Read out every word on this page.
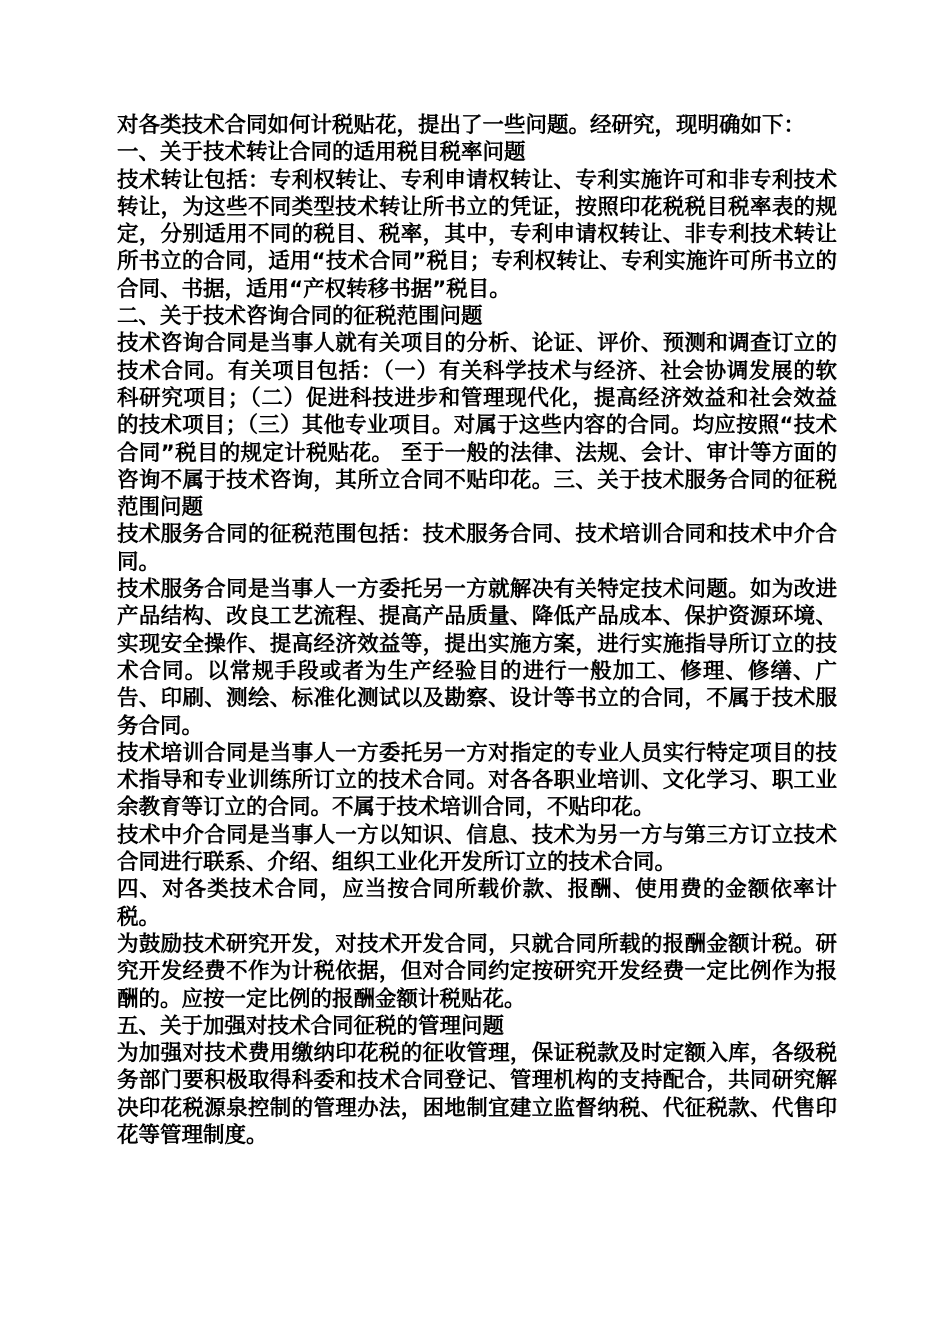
对各类技术合同如何计税贴花，提出了一些问题。经研究，现明确如下：

一、关于技术转让合同的适用税目税率问题

技术转让包括：专利权转让、专利申请权转让、专利实施许可和非专利技术转让，为这些不同类型技术转让所书立的凭证，按照印花税税目税率表的规定，分别适用不同的税目、税率，其中，专利申请权转让、非专利技术转让所书立的合同，适用“技术合同”税目；专利权转让、专利实施许可所书立的合同、书据，适用“产权转移书据”税目。

二、关于技术咨询合同的征税范围问题

技术咨询合同是当事人就有关项目的分析、论证、评价、预测和调查订立的技术合同。有关项目包括：（一）有关科学技术与经济、社会协调发展的软科研究项目；（二）促进科技进步和管理现代化，提高经济效益和社会效益的技术项目；（三）其他专业项目。对属于这些内容的合同。均应按照“技术合同”税目的规定计税贴花。 至于一般的法律、法规、会计、审计等方面的咨询不属于技术咨询，其所立合同不贴印花。三、关于技术服务合同的征税范围问题

技术服务合同的征税范围包括：技术服务合同、技术培训合同和技术中介合同。

技术服务合同是当事人一方委托另一方就解决有关特定技术问题。如为改进产品结构、改良工艺流程、提高产品质量、降低产品成本、保护资源环境、实现安全操作、提高经济效益等，提出实施方案，进行实施指导所订立的技术合同。以常规手段或者为生产经验目的进行一般加工、修理、修缮、广告、印刷、测绘、标准化测试以及勘察、设计等书立的合同，不属于技术服务合同。

技术培训合同是当事人一方委托另一方对指定的专业人员实行特定项目的技术指导和专业训练所订立的技术合同。对各各职业培训、文化学习、职工业余教育等订立的合同。不属于技术培训合同，不贴印花。

技术中介合同是当事人一方以知识、信息、技术为另一方与第三方订立技术合同进行联系、介绍、组织工业化开发所订立的技术合同。

四、对各类技术合同，应当按合同所载价款、报酬、使用费的金额依率计税。

为鼓励技术研究开发，对技术开发合同，只就合同所载的报酬金额计税。研究开发经费不作为计税依据，但对合同约定按研究开发经费一定比例作为报酬的。应按一定比例的报酬金额计税贴花。

五、关于加强对技术合同征税的管理问题

为加强对技术费用缴纳印花税的征收管理，保证税款及时定额入库，各级税务部门要积极取得科委和技术合同登记、管理机构的支持配合，共同研究解决印花税源泉控制的管理办法，困地制宜建立监督纳税、代征税款、代售印花等管理制度。
